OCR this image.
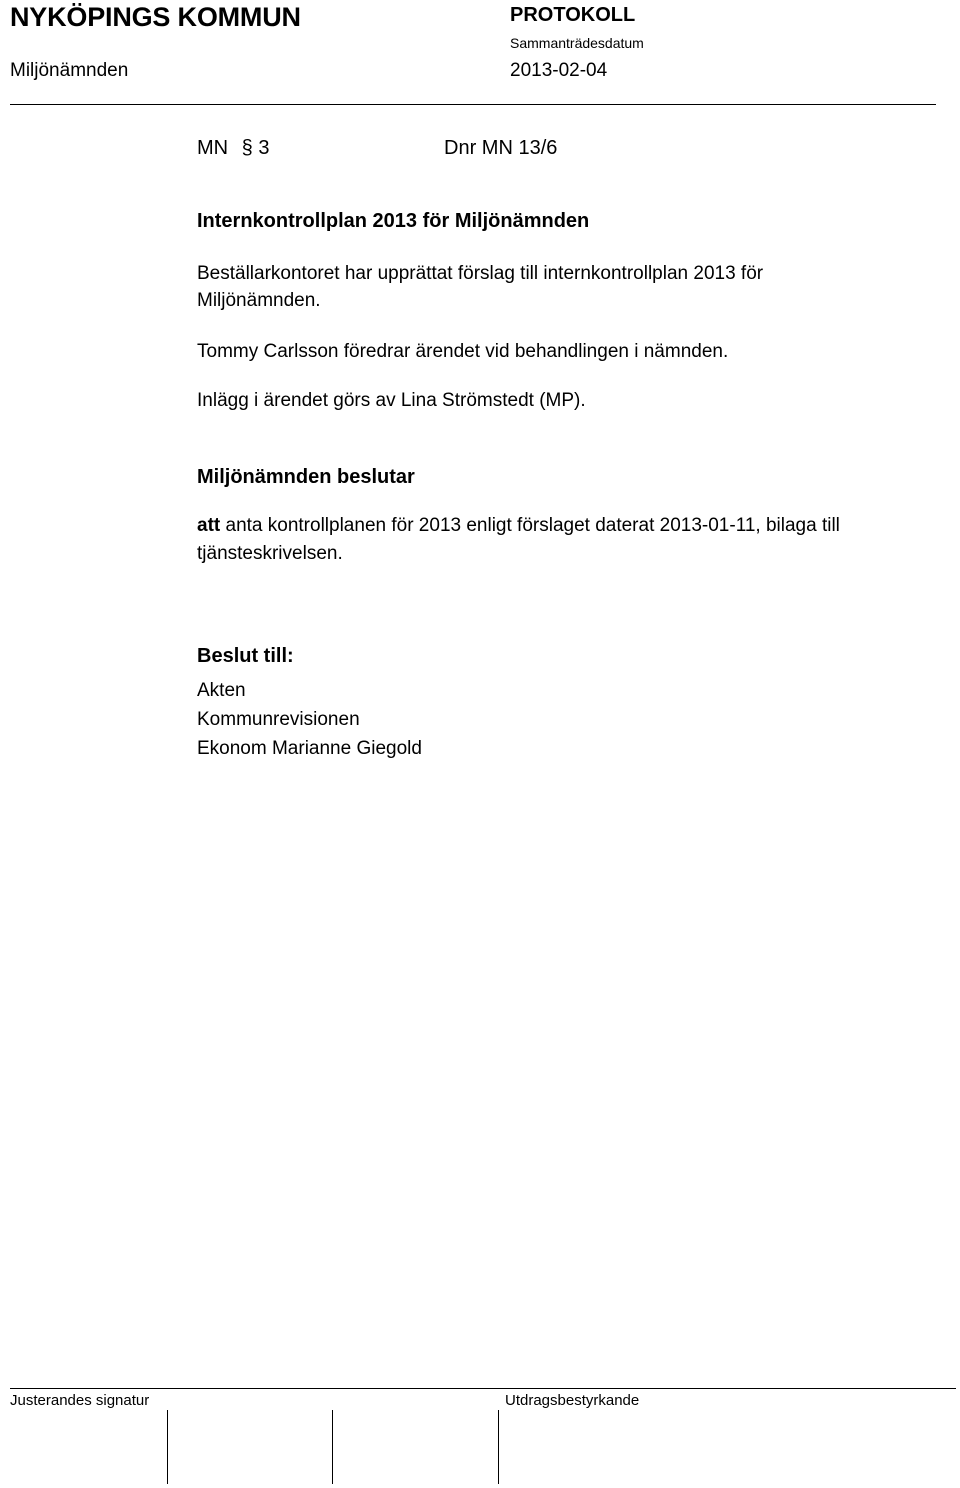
NYKÖPINGS KOMMUN	PROTOKOLL
Sammanträdesdatum
Miljönämnden	2013-02-04
MN § 3	Dnr MN 13/6
Internkontrollplan 2013 för Miljönämnden
Beställarkontoret har upprättat förslag till internkontrollplan 2013 för
Miljönämnden.
Tommy Carlsson föredrar ärendet vid behandlingen i nämnden.
Inlägg i ärendet görs av Lina Strömstedt (MP).
Miljönämnden beslutar
att anta kontrollplanen för 2013 enligt förslaget daterat 2013-01-11, bilaga till
tjänsteskrivelsen.
Beslut till:
Akten
Kommunrevisionen
Ekonom Marianne Giegold
Justerandes signatur	Utdragsbestyrkande
